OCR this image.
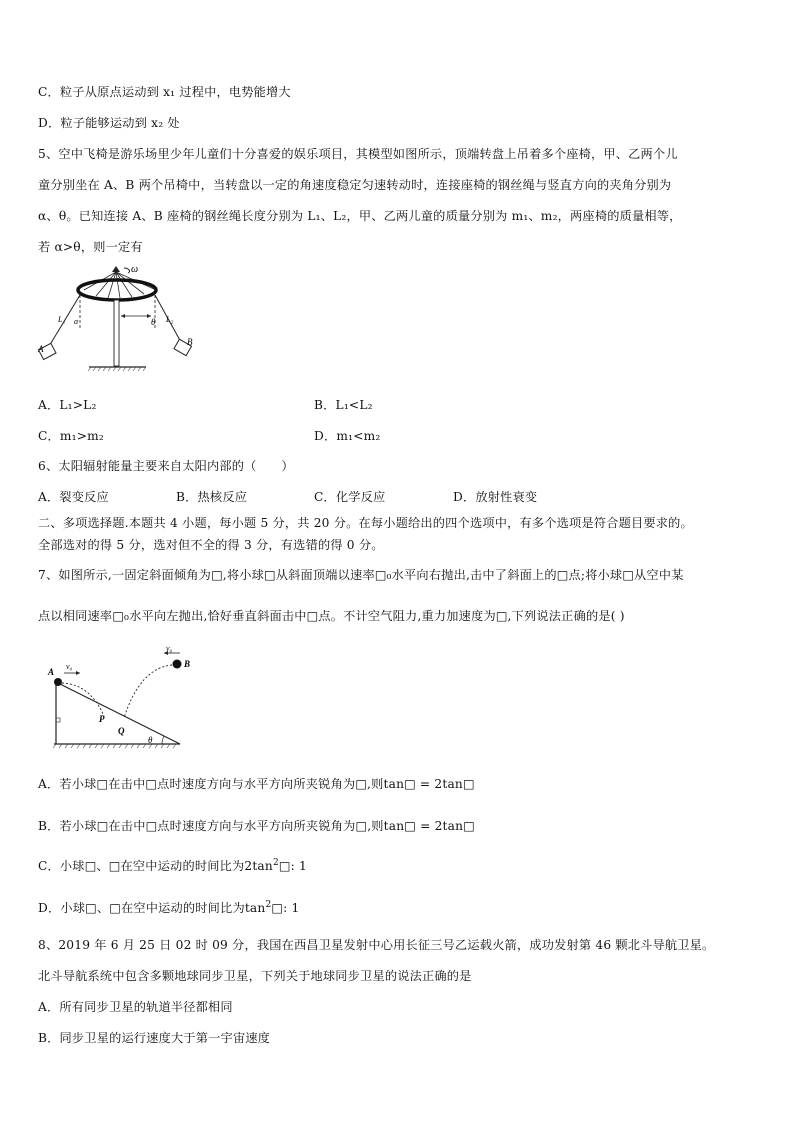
C．粒子从原点运动到 x₁ 过程中，电势能增大
D．粒子能够运动到 x₂ 处
5、空中飞椅是游乐场里少年儿童们十分喜爱的娱乐项目，其模型如图所示，顶端转盘上吊着多个座椅，甲、乙两个儿
童分别坐在 A、B 两个吊椅中，当转盘以一定的角速度稳定匀速转动时，连接座椅的钢丝绳与竖直方向的夹角分别为
α、θ。已知连接 A、B 座椅的钢丝绳长度分别为 L₁、L₂，甲、乙两儿童的质量分别为 m₁、m₂，两座椅的质量相等，
若 α>θ，则一定有
ω
L₁	L₂
α	θ
A
B
A．L₁>L₂	B．L₁<L₂
C．m₁>m₂	D．m₁<m₂
6、太阳辐射能量主要来自太阳内部的（　　）
A．裂变反应	B．热核反应	C．化学反应	D．放射性衰变
二、多项选择题.本题共 4 小题，每小题 5 分，共 20 分。在每小题给出的四个选项中，有多个选项是符合题目要求的。
全部选对的得 5 分，选对但不全的得 3 分，有选错的得 0 分。
7、如图所示,一固定斜面倾角为□,将小球□从斜面顶端以速率□₀水平向右抛出,击中了斜面上的□点;将小球□从空中某
点以相同速率□₀水平向左抛出,恰好垂直斜面击中□点。不计空气阻力,重力加速度为□,下列说法正确的是( )
θ
A
v₀
P
B
v₀
Q
A．若小球□在击中□点时速度方向与水平方向所夹锐角为□,则tan□ = 2tan□
B．若小球□在击中□点时速度方向与水平方向所夹锐角为□,则tan□ = 2tan□
C．小球□、□在空中运动的时间比为$2\tan^2□$: 1
D．小球□、□在空中运动的时间比为$\tan^2□$: 1
8、2019 年 6 月 25 日 02 时 09 分，我国在西昌卫星发射中心用长征三号乙运载火箭，成功发射第 46 颗北斗导航卫星。
北斗导航系统中包含多颗地球同步卫星，下列关于地球同步卫星的说法正确的是
A．所有同步卫星的轨道半径都相同
B．同步卫星的运行速度大于第一宇宙速度
